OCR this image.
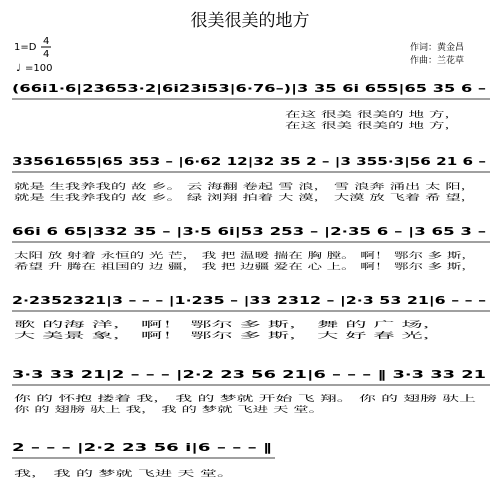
很美很美的地方
作词：黄金昌
作曲：兰花草
1=D
4
4
♩ =100
(66i1·6|23653·2|6i23i53|6·76–)|3 35 6i 655|65 35 6 –
在这 很美 很美的 地 方，
在这 很美 很美的 地 方，
33561655|65 353 – |6·62 12|32 35 2 – |3 355·3|56 21 6 –
就是 生我养我的 故 乡。 云 海翻 卷起 雪 浪， 雪 浪奔 涌出 太 阳，
就是 生我养我的 故 乡。 绿 浏翔 拍着 大 漠， 大漠 放 飞着 希 望，
66i 6 65|332 35 – |3·5 6i|53 253 – |2·35 6 – |3 65 3 –
太阳 放 射着 永恒的 光 芒， 我 把 温暖 揣在 胸 膛。 啊！ 鄂尔 多 斯，
希望 升 腾在 祖国的 边 疆， 我 把 边疆 爱在 心 上。 啊！ 鄂尔 多 斯，
2·2352321|3 – – – |1·235 – |33 2312 – |2·3 53 21|6 – – –
歌 的海 洋， 啊！ 鄂尔 多 斯， 舞 的 广 场，
大 美景 象， 啊！ 鄂尔 多 斯， 大 好 春 光，
3·3 33 21|2 – – – |2·2 23 56 21|6 – – – ‖ 3·3 33 21
你 的 怀抱 搂着 我， 我 的 梦就 开始 飞 翔。 你 的 翅膀 驮上
你 的 翅膀 驮上 我， 我 的 梦就 飞进 天 堂。
2 – – – |2·2 23 56 i|6 – – – ‖
我， 我 的 梦就 飞进 天 堂。
